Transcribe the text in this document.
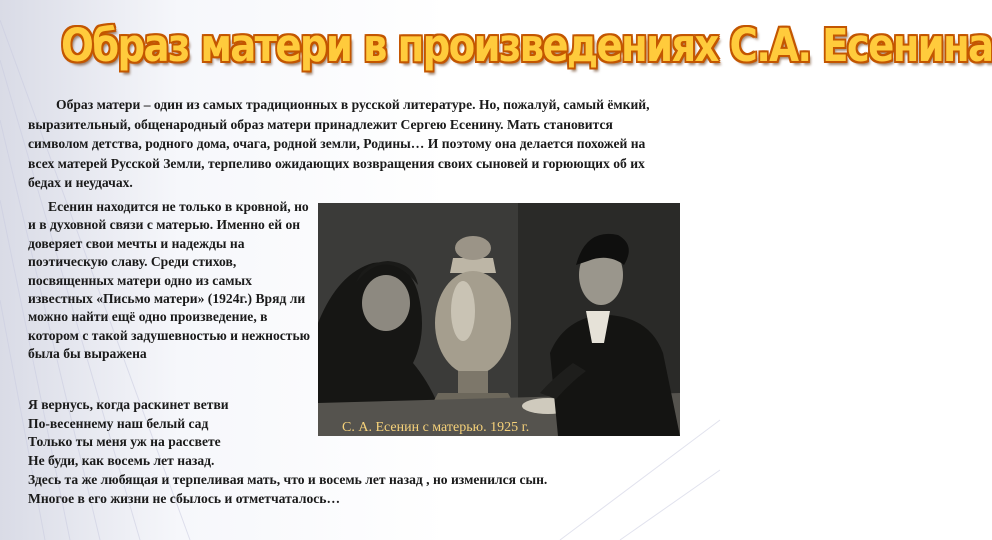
Образ матери в произведениях С.А. Есенина

Образ матери – один из самых традиционных в русской литературе. Но, пожалуй, самый ёмкий, выразительный, общенародный образ матери принадлежит Сергею Есенину. Мать становится символом детства, родного дома, очага, родной земли, Родины… И поэтому она делается похожей на всех матерей Русской Земли, терпеливо ожидающих возвращения своих сыновей и горюющих об их бедах и неудачах.

Есенин находится не только в кровной, но и в духовной связи с матерью. Именно ей он доверяет свои мечты и надежды на поэтическую славу. Среди стихов, посвященных матери одно из самых известных «Письмо матери» (1924г.) Вряд ли можно найти ещё одно произведение, в котором с такой задушевностью и нежностью была бы выражена

С. А. Есенин с матерью. 1925 г.
Я вернусь, когда раскинет ветви
По-весеннему наш белый сад
Только ты меня уж на рассвете
Не буди, как восемь лет назад.
Здесь та же любящая и терпеливая мать, что и восемь лет назад , но изменился сын.
Многое в его жизни не сбылось и отметчаталось…
